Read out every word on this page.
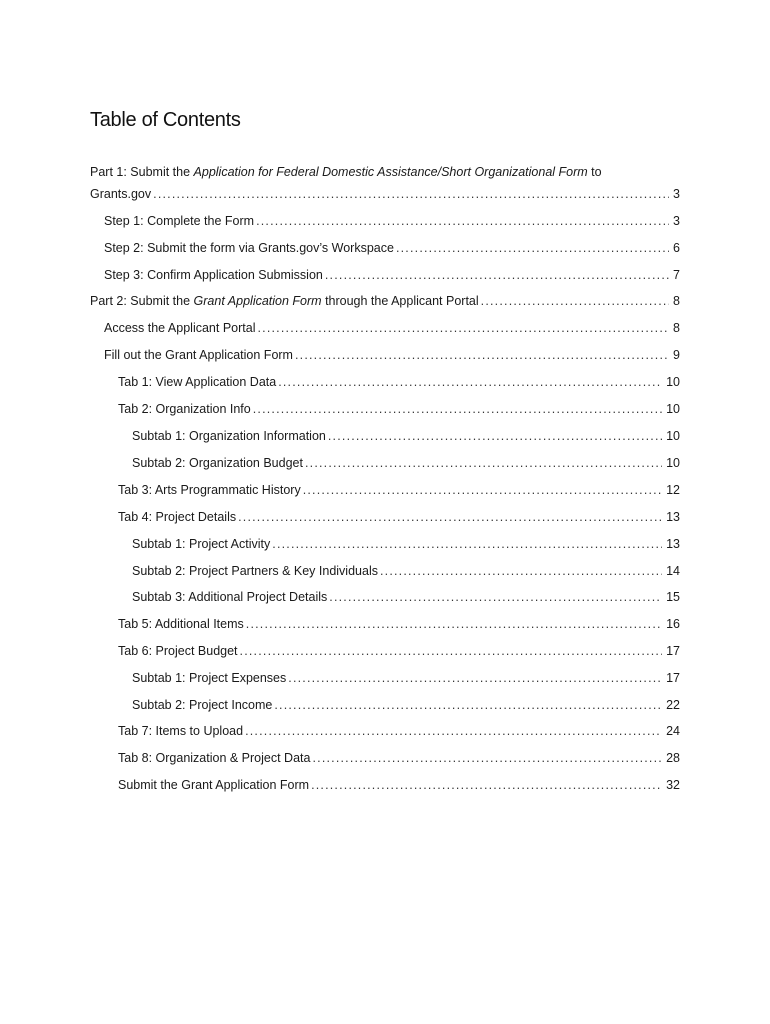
Table of Contents
Part 1: Submit the Application for Federal Domestic Assistance/Short Organizational Form to
Grants.gov .....	3
Step 1: Complete the Form .....	3
Step 2: Submit the form via Grants.gov’s Workspace .....	6
Step 3: Confirm Application Submission .....	7
Part 2: Submit the Grant Application Form through the Applicant Portal .....	8
Access the Applicant Portal .....	8
Fill out the Grant Application Form .....	9
Tab 1: View Application Data .....	10
Tab 2: Organization Info .....	10
Subtab 1: Organization Information .....	10
Subtab 2: Organization Budget .....	10
Tab 3: Arts Programmatic History .....	12
Tab 4: Project Details .....	13
Subtab 1: Project Activity .....	13
Subtab 2: Project Partners & Key Individuals .....	14
Subtab 3: Additional Project Details .....	15
Tab 5: Additional Items .....	16
Tab 6: Project Budget .....	17
Subtab 1: Project Expenses .....	17
Subtab 2: Project Income .....	22
Tab 7: Items to Upload .....	24
Tab 8: Organization & Project Data .....	28
Submit the Grant Application Form .....	32
